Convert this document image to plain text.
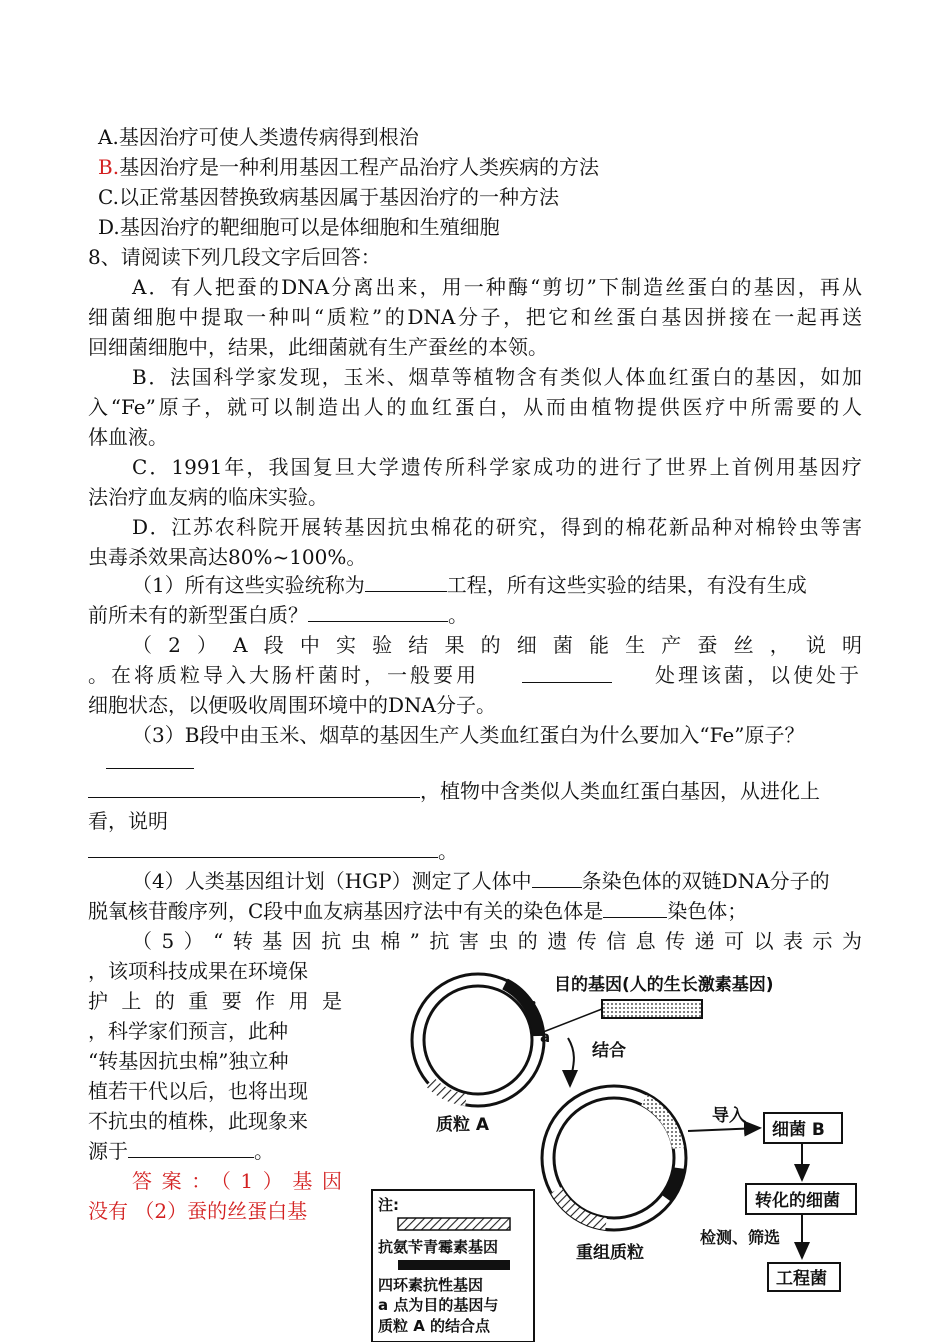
A.基因治疗可使人类遗传病得到根治
B.基因治疗是一种利用基因工程产品治疗人类疾病的方法
C.以正常基因替换致病基因属于基因治疗的一种方法
D.基因治疗的靶细胞可以是体细胞和生殖细胞
8、请阅读下列几段文字后回答：
A．有人把蚕的DNA分离出来，用一种酶“剪切”下制造丝蛋白的基因，再从
细菌细胞中提取一种叫“质粒”的DNA分子，把它和丝蛋白基因拼接在一起再送
回细菌细胞中，结果，此细菌就有生产蚕丝的本领。
B．法国科学家发现，玉米、烟草等植物含有类似人体血红蛋白的基因，如加
入“Fe”原子，就可以制造出人的血红蛋白，从而由植物提供医疗中所需要的人
体血液。
C．1991年，我国复旦大学遗传所科学家成功的进行了世界上首例用基因疗
法治疗血友病的临床实验。
D．江苏农科院开展转基因抗虫棉花的研究，得到的棉花新品种对棉铃虫等害
虫毒杀效果高达80%~100%。
（1）所有这些实验统称为	工程，所有这些实验的结果，有没有生成
前所未有的新型蛋白质？	。
（2）A段中实验结果的细菌能生产蚕丝，说明
。在将质粒导入大肠杆菌时，一般要用	处理该菌，以使处于
细胞状态，以便吸收周围环境中的DNA分子。
（3）B段中由玉米、烟草的基因生产人类血红蛋白为什么要加入“Fe”原子？
，植物中含类似人类血红蛋白基因，从进化上
看，说明
。
（4）人类基因组计划（HGP）测定了人体中	条染色体的双链DNA分子的
脱氧核苷酸序列，C段中血友病基因疗法中有关的染色体是	染色体；
（5）“转基因抗虫棉”抗害虫的遗传信息传递可以表示为
，该项科技成果在环境保
护上的重要作用是
，科学家们预言，此种
“转基因抗虫棉”独立种
植若干代以后，也将出现
不抗虫的植株，此现象来
源于	。
答案：（1）基因
没有 （2）蚕的丝蛋白基
•
a
质粒 A
目的基因(人的生长激素基因)
结合
重组质粒
导入
细菌 B
转化的细菌
检测、筛选
工程菌
注:
抗氨苄青霉素基因
四环素抗性基因
a 点为目的基因与
质粒 A 的结合点
